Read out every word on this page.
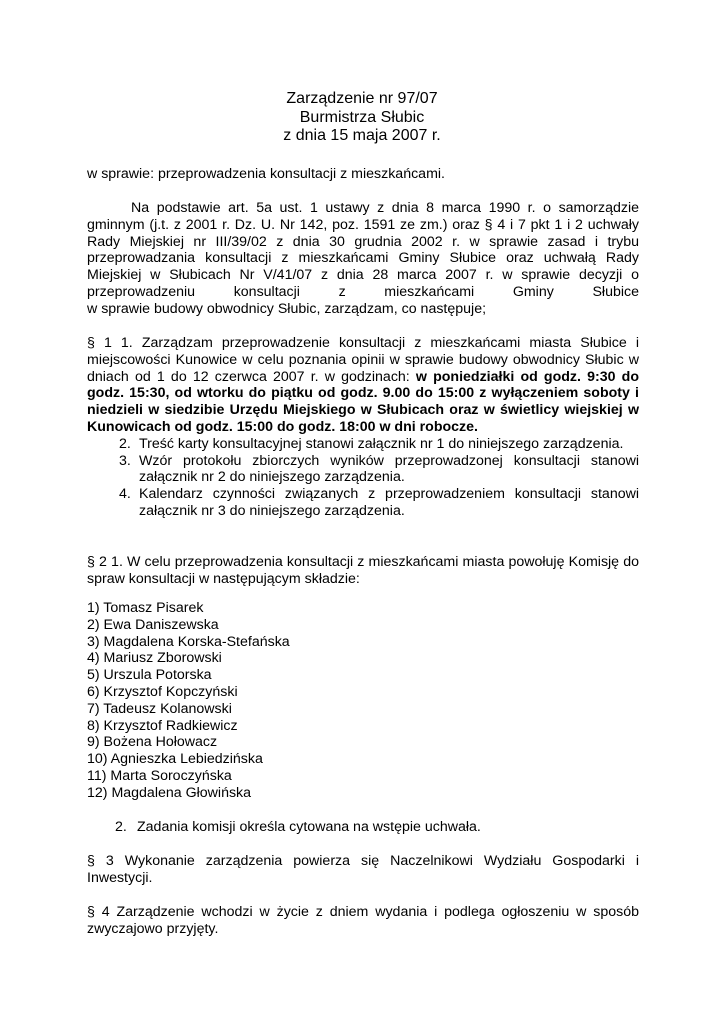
Zarządzenie nr 97/07
Burmistrza Słubic
z dnia 15 maja 2007 r.
w sprawie: przeprowadzenia konsultacji z mieszkańcami.
Na podstawie art. 5a ust. 1 ustawy z dnia 8 marca 1990 r. o samorządzie gminnym (j.t. z 2001 r. Dz. U. Nr 142, poz. 1591 ze zm.) oraz § 4 i 7 pkt 1 i 2 uchwały Rady Miejskiej nr III/39/02 z dnia 30 grudnia 2002 r. w sprawie zasad i trybu przeprowadzania konsultacji z mieszkańcami Gminy Słubice oraz uchwałą Rady Miejskiej w Słubicach Nr V/41/07 z dnia 28 marca 2007 r. w sprawie decyzji o przeprowadzeniu konsultacji z mieszkańcami Gminy Słubice
w sprawie budowy obwodnicy Słubic, zarządzam, co następuje;

§ 1 1. Zarządzam przeprowadzenie konsultacji z mieszkańcami miasta Słubice i miejscowości Kunowice w celu poznania opinii w sprawie budowy obwodnicy Słubic w dniach od 1 do 12 czerwca 2007 r. w godzinach: w poniedziałki od godz. 9:30 do godz. 15:30, od wtorku do piątku od godz. 9.00 do 15:00 z wyłączeniem soboty i niedzieli w siedzibie Urzędu Miejskiego w Słubicach oraz w świetlicy wiejskiej w Kunowicach od godz. 15:00 do godz. 18:00 w dni robocze.

2. Treść karty konsultacyjnej stanowi załącznik nr 1 do niniejszego zarządzenia.
3. Wzór protokołu zbiorczych wyników przeprowadzonej konsultacji stanowi załącznik nr 2 do niniejszego zarządzenia.
4. Kalendarz czynności związanych z przeprowadzeniem konsultacji stanowi załącznik nr 3 do niniejszego zarządzenia.
§ 2 1. W celu przeprowadzenia konsultacji z mieszkańcami miasta powołuję Komisję do spraw konsultacji w następującym składzie:
1) Tomasz Pisarek
2) Ewa Daniszewska
3) Magdalena Korska-Stefańska
4) Mariusz Zborowski
5) Urszula Potorska
6) Krzysztof Kopczyński
7) Tadeusz Kolanowski
8) Krzysztof Radkiewicz
9) Bożena Hołowacz
10) Agnieszka Lebiedzińska
11) Marta Soroczyńska
12) Magdalena Głowińska
2. Zadania komisji określa cytowana na wstępie uchwała.
§ 3 Wykonanie zarządzenia powierza się Naczelnikowi Wydziału Gospodarki i Inwestycji.
§ 4 Zarządzenie wchodzi w życie z dniem wydania i podlega ogłoszeniu w sposób zwyczajowo przyjęty.
